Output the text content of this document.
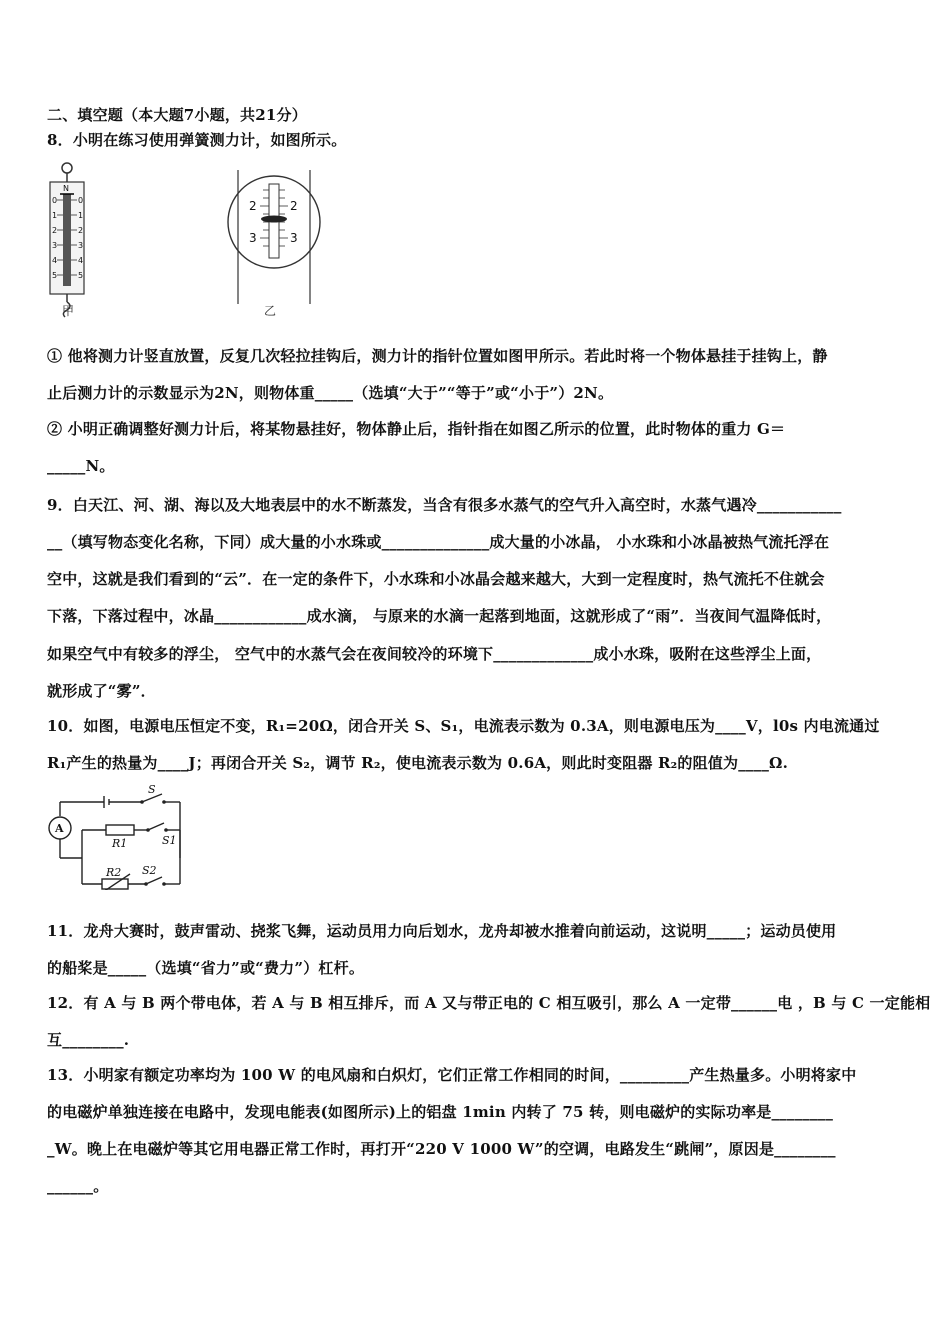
二、填空题（本大题7小题，共21分）
8．小明在练习使用弹簧测力计，如图所示。
N
0	0
1	1
2	2
3	3
4	4
5	5
甲
2	2
3	3
乙
① 他将测力计竖直放置，反复几次轻拉挂钩后，测力计的指针位置如图甲所示。若此时将一个物体悬挂于挂钩上，静
止后测力计的示数显示为2N，则物体重_____（选填“大于”“等于”或“小于”）2N。
② 小明正确调整好测力计后，将某物悬挂好，物体静止后，指针指在如图乙所示的位置，此时物体的重力 G＝
_____N。
9．白天江、河、湖、海以及大地表层中的水不断蒸发，当含有很多水蒸气的空气升入高空时，水蒸气遇冷___________
__（填写物态变化名称，下同）成大量的小水珠或______________成大量的小冰晶， 小水珠和小冰晶被热气流托浮在
空中，这就是我们看到的“云”．在一定的条件下，小水珠和小冰晶会越来越大，大到一定程度时，热气流托不住就会
下落，下落过程中，冰晶____________成水滴， 与原来的水滴一起落到地面，这就形成了“雨”．当夜间气温降低时，
如果空气中有较多的浮尘， 空气中的水蒸气会在夜间较冷的环境下_____________成小水珠，吸附在这些浮尘上面，
就形成了“雾”．
10．如图，电源电压恒定不变，R₁=20Ω，闭合开关 S、S₁，电流表示数为 0.3A，则电源电压为____V，l0s 内电流通过
R₁产生的热量为____J；再闭合开关 S₂，调节 R₂，使电流表示数为 0.6A，则此时变阻器 R₂的阻值为____Ω.
S
A
R1	S1
R2 S2
11．龙舟大赛时，鼓声雷动、挠浆飞舞，运动员用力向后划水，龙舟却被水推着向前运动，这说明_____；运动员使用
的船桨是_____（选填“省力”或“费力”）杠杆。
12．有 A 与 B 两个带电体，若 A 与 B 相互排斥，而 A 又与带正电的 C 相互吸引，那么 A 一定带______电 ，B 与 C 一定能相
互________.
13．小明家有额定功率均为 100 W 的电风扇和白炽灯，它们正常工作相同的时间，_________产生热量多。小明将家中
的电磁炉单独连接在电路中，发现电能表(如图所示)上的铝盘 1min 内转了 75 转，则电磁炉的实际功率是________
_W。晚上在电磁炉等其它用电器正常工作时，再打开“220 V 1000 W”的空调，电路发生“跳闸”，原因是________
______。
